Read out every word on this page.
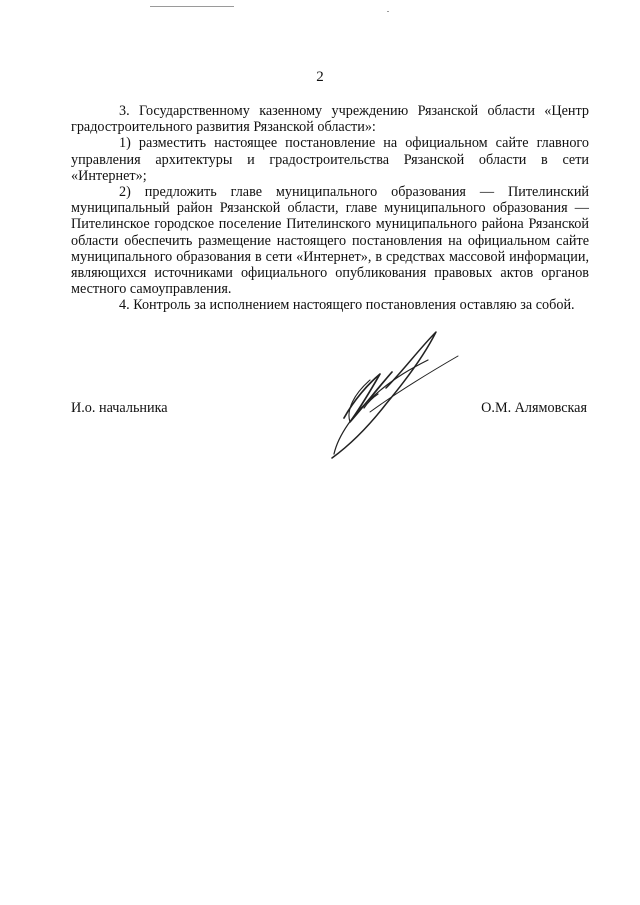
2

3. Государственному казенному учреждению Рязанской области «Центр градостроительного развития Рязанской области»:

1) разместить настоящее постановление на официальном сайте главного управления архитектуры и градостроительства Рязанской области в сети «Интернет»;

2) предложить главе муниципального образования — Пителинский муниципальный район Рязанской области, главе муниципального образования — Пителинское городское поселение Пителинского муниципального района Рязанской области обеспечить размещение настоящего постановления на официальном сайте муниципального образования в сети «Интернет», в средствах массовой информации, являющихся источниками официального опубликования правовых актов органов местного самоуправления.

4. Контроль за исполнением настоящего постановления оставляю за собой.

И.о. начальника	О.М. Алямовская
